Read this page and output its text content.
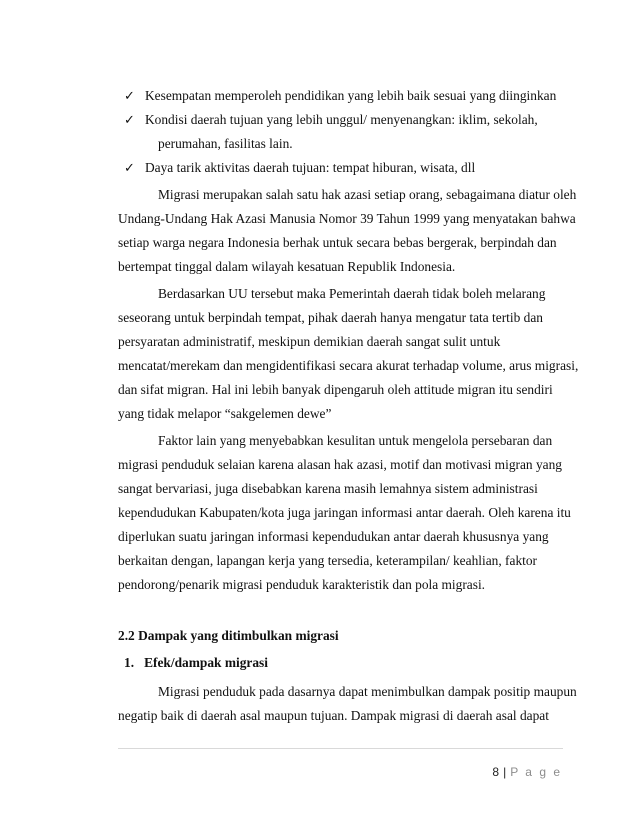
✓ Kesempatan memperoleh pendidikan yang lebih baik sesuai yang diinginkan
✓ Kondisi daerah tujuan yang lebih unggul/ menyenangkan: iklim, sekolah,
perumahan, fasilitas lain.
✓ Daya tarik aktivitas daerah tujuan: tempat hiburan, wisata, dll
Migrasi merupakan salah satu hak azasi setiap orang, sebagaimana diatur oleh
Undang-Undang Hak Azasi Manusia Nomor 39 Tahun 1999 yang menyatakan bahwa
setiap warga negara Indonesia berhak untuk secara bebas bergerak, berpindah dan
bertempat tinggal dalam wilayah kesatuan Republik Indonesia.
Berdasarkan UU tersebut maka Pemerintah daerah tidak boleh melarang
seseorang untuk berpindah tempat, pihak daerah hanya mengatur tata tertib dan
persyaratan administratif, meskipun demikian daerah sangat sulit untuk
mencatat/merekam dan mengidentifikasi secara akurat terhadap volume, arus migrasi,
dan sifat migran. Hal ini lebih banyak dipengaruh oleh attitude migran itu sendiri
yang tidak melapor “sakgelemen dewe”
Faktor lain yang menyebabkan kesulitan untuk mengelola persebaran dan
migrasi penduduk selaian karena alasan hak azasi, motif dan motivasi migran yang
sangat bervariasi, juga disebabkan karena masih lemahnya sistem administrasi
kependudukan Kabupaten/kota juga jaringan informasi antar daerah. Oleh karena itu
diperlukan suatu jaringan informasi kependudukan antar daerah khususnya yang
berkaitan dengan, lapangan kerja yang tersedia, keterampilan/ keahlian, faktor
pendorong/penarik migrasi penduduk karakteristik dan pola migrasi.
2.2 Dampak yang ditimbulkan migrasi
1.   Efek/dampak migrasi
Migrasi penduduk pada dasarnya dapat menimbulkan dampak positip maupun
negatip baik di daerah asal maupun tujuan. Dampak migrasi di daerah asal dapat
8 | P a g e
